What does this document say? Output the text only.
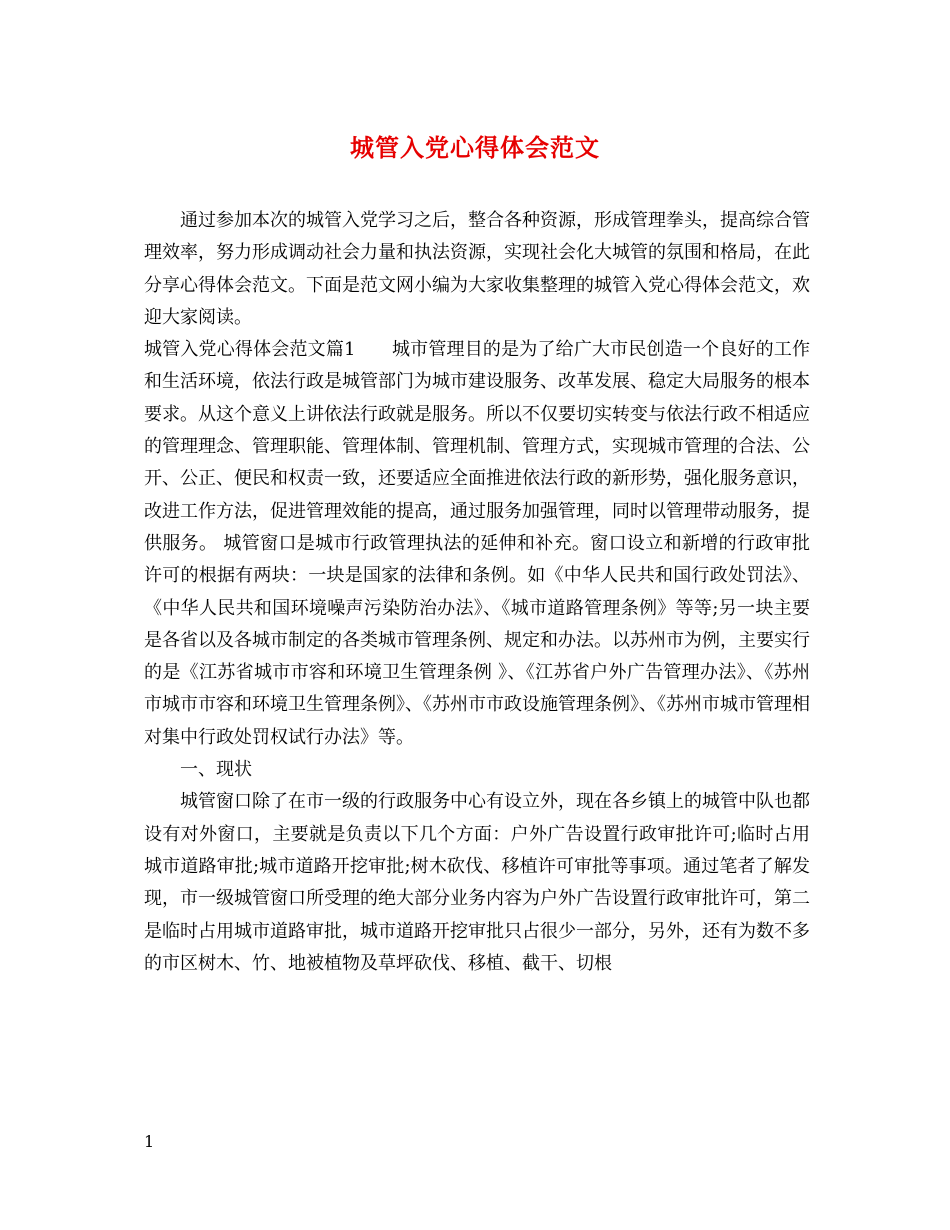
城管入党心得体会范文

通过参加本次的城管入党学习之后，整合各种资源，形成管理拳头，提高综合管理效率，努力形成调动社会力量和执法资源，实现社会化大城管的氛围和格局，在此分享心得体会范文。下面是范文网小编为大家收集整理的城管入党心得体会范文，欢迎大家阅读。

城管入党心得体会范文篇1　　城市管理目的是为了给广大市民创造一个良好的工作和生活环境，依法行政是城管部门为城市建设服务、改革发展、稳定大局服务的根本要求。从这个意义上讲依法行政就是服务。所以不仅要切实转变与依法行政不相适应的管理理念、管理职能、管理体制、管理机制、管理方式，实现城市管理的合法、公开、公正、便民和权责一致，还要适应全面推进依法行政的新形势，强化服务意识，改进工作方法，促进管理效能的提高，通过服务加强管理，同时以管理带动服务，提供服务。 城管窗口是城市行政管理执法的延伸和补充。窗口设立和新增的行政审批许可的根据有两块：一块是国家的法律和条例。如《中华人民共和国行政处罚法》、《中华人民共和国环境噪声污染防治办法》、《城市道路管理条例》等等;另一块主要是各省以及各城市制定的各类城市管理条例、规定和办法。以苏州市为例，主要实行的是《江苏省城市市容和环境卫生管理条例 》、《江苏省户外广告管理办法》、《苏州市城市市容和环境卫生管理条例》、《苏州市市政设施管理条例》、《苏州市城市管理相对集中行政处罚权试行办法》等。

一、现状

城管窗口除了在市一级的行政服务中心有设立外，现在各乡镇上的城管中队也都设有对外窗口，主要就是负责以下几个方面：户外广告设置行政审批许可;临时占用城市道路审批;城市道路开挖审批;树木砍伐、移植许可审批等事项。通过笔者了解发现，市一级城管窗口所受理的绝大部分业务内容为户外广告设置行政审批许可，第二是临时占用城市道路审批，城市道路开挖审批只占很少一部分，另外，还有为数不多的市区树木、竹、地被植物及草坪砍伐、移植、截干、切根

1
